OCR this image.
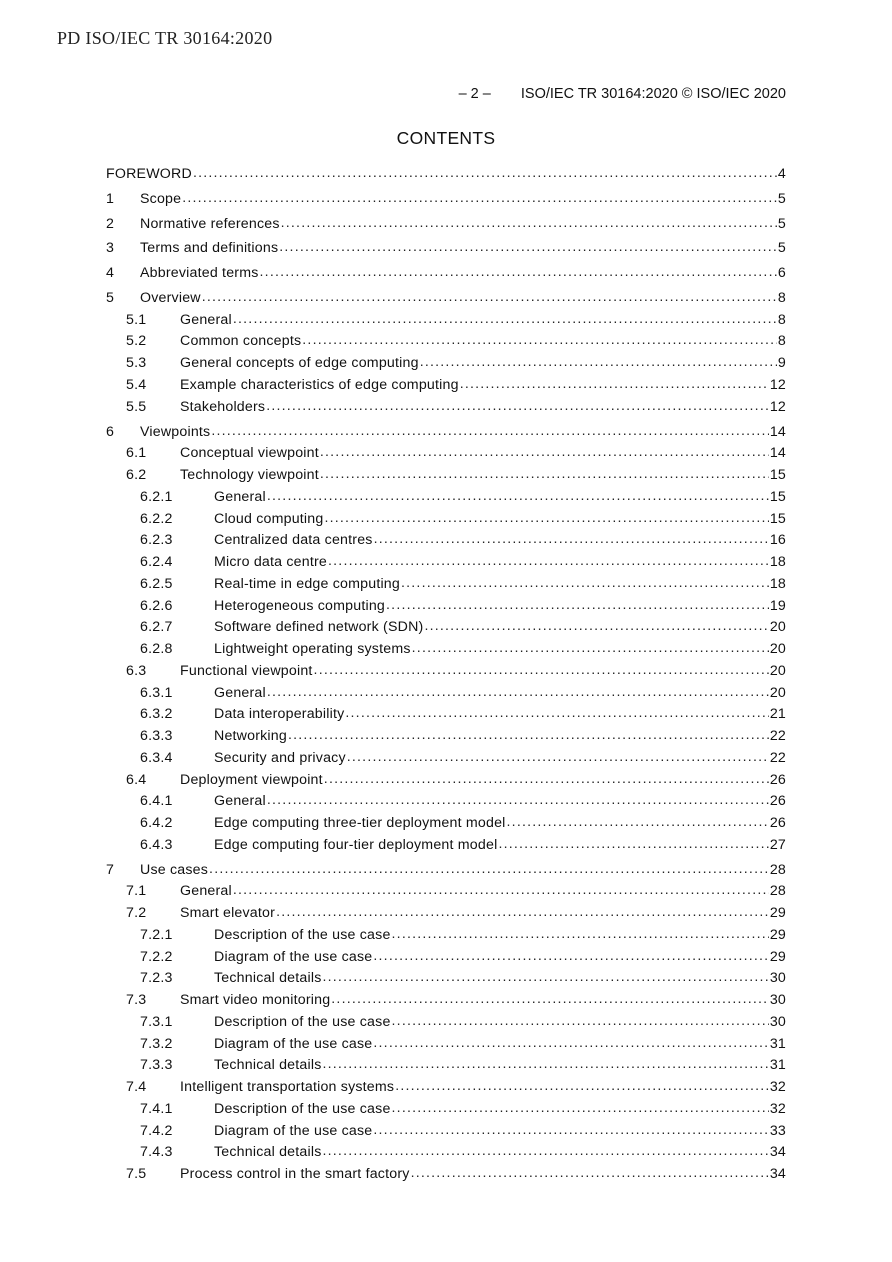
PD ISO/IEC TR 30164:2020
– 2 – ISO/IEC TR 30164:2020 © ISO/IEC 2020
CONTENTS
FOREWORD .....	4
1	Scope .....	5
2	Normative references .....	5
3	Terms and definitions .....	5
4	Abbreviated terms .....	6
5	Overview .....	8
5.1	General .....	8
5.2	Common concepts .....	8
5.3	General concepts of edge computing .....	9
5.4	Example characteristics of edge computing .....	12
5.5	Stakeholders .....	12
6	Viewpoints .....	14
6.1	Conceptual viewpoint .....	14
6.2	Technology viewpoint .....	15
6.2.1	General .....	15
6.2.2	Cloud computing .....	15
6.2.3	Centralized data centres .....	16
6.2.4	Micro data centre .....	18
6.2.5	Real-time in edge computing .....	18
6.2.6	Heterogeneous computing .....	19
6.2.7	Software defined network (SDN) .....	20
6.2.8	Lightweight operating systems .....	20
6.3	Functional viewpoint .....	20
6.3.1	General .....	20
6.3.2	Data interoperability .....	21
6.3.3	Networking .....	22
6.3.4	Security and privacy .....	22
6.4	Deployment viewpoint .....	26
6.4.1	General .....	26
6.4.2	Edge computing three-tier deployment model .....	26
6.4.3	Edge computing four-tier deployment model .....	27
7	Use cases .....	28
7.1	General .....	28
7.2	Smart elevator .....	29
7.2.1	Description of the use case .....	29
7.2.2	Diagram of the use case .....	29
7.2.3	Technical details .....	30
7.3	Smart video monitoring .....	30
7.3.1	Description of the use case .....	30
7.3.2	Diagram of the use case .....	31
7.3.3	Technical details .....	31
7.4	Intelligent transportation systems .....	32
7.4.1	Description of the use case .....	32
7.4.2	Diagram of the use case .....	33
7.4.3	Technical details .....	34
7.5	Process control in the smart factory .....	34
